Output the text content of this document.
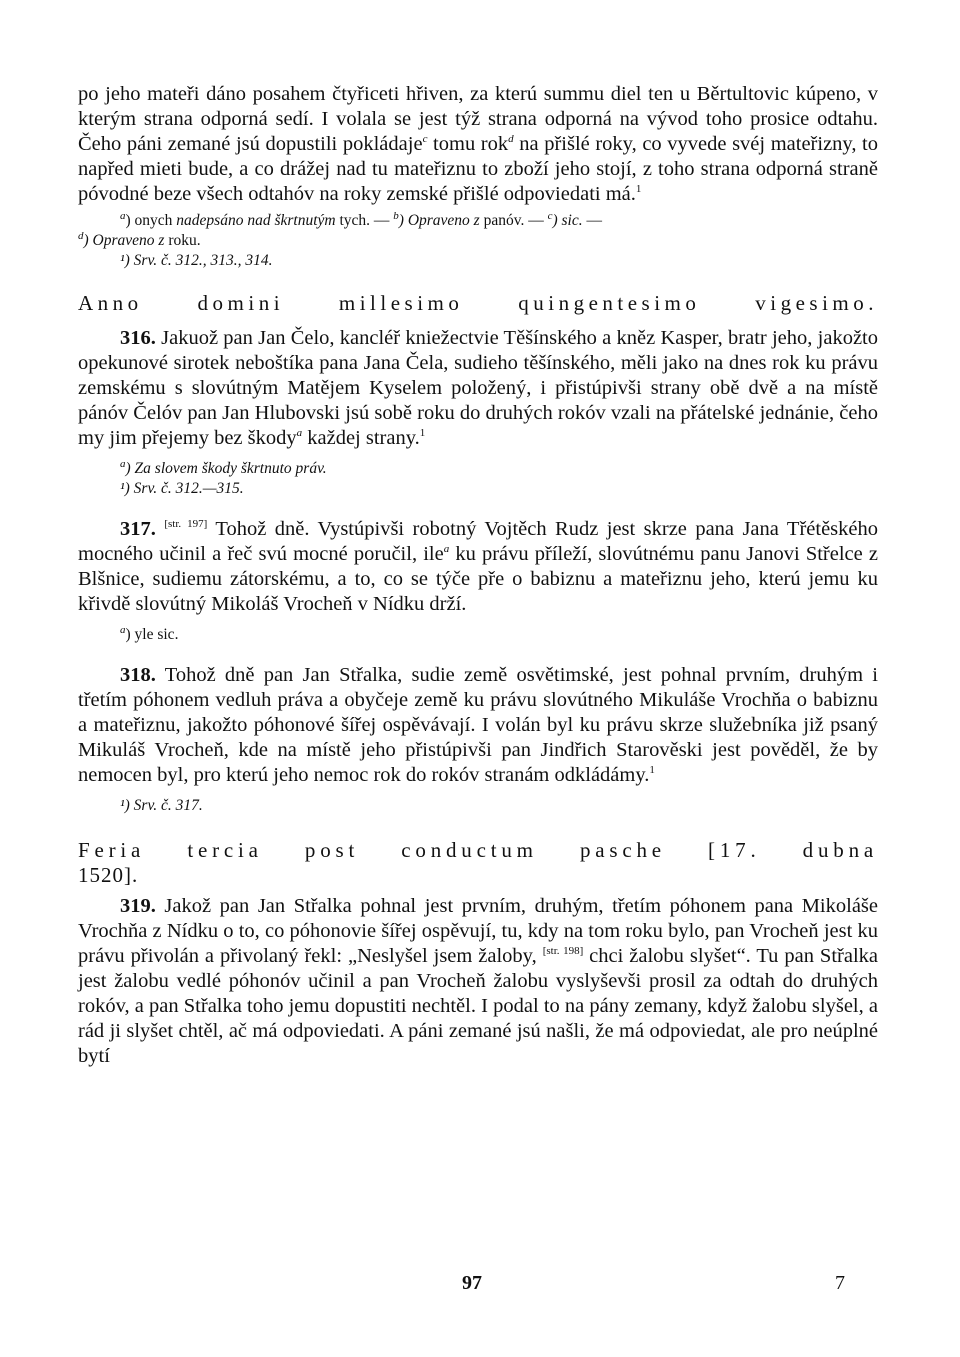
po jeho mateři dáno posahem čtyřiceti hřiven, za kterú summu diel ten u Běrtultovic kúpeno, v kterým strana odporná sedí. I volala se jest týž strana odporná na vývod toho prosice odtahu. Čeho páni zemané jsú dopustili pokládaje$^c$ tomu rok$^d$ na přišlé roky, co vyvede svéj mateřizny, to napřed mieti bude, a co drážej nad tu mateřiznu to zboží jeho stojí, z toho strana odporná straně póvodné beze všech odtahóv na roky zemské přišlé odpoviedati má.$^1$

$^a$) onych nadepsáno nad škrtnutým tych. — $^b$) Opraveno z panóv. — $^c$) sic. —

$^d$) Opraveno z roku.

¹) Srv. č. 312., 313., 314.

Anno domini millesimo quingentesimo vigesimo.

316. Jakuož pan Jan Čelo, kancléř kniežectvie Těšínského a kněz Kasper, bratr jeho, jakožto opekunové sirotek neboštíka pana Jana Čela, sudieho těšínského, měli jako na dnes rok ku právu zemskému s slovútným Matějem Kyselem položený, i přistúpivši strany obě dvě a na místě pánóv Čelóv pan Jan Hlubovski jsú sobě roku do druhých rokóv vzali na přátelské jednánie, čeho my jim přejemy bez škody$^a$ každej strany.$^1$

$^a$) Za slovem škody škrtnuto práv.

¹) Srv. č. 312.—315.

317. [str. 197] Tohož dně. Vystúpivši robotný Vojtěch Rudz jest skrze pana Jana Třétěského mocného učinil a řeč svú mocné poručil, ile$^a$ ku právu příleží, slovútnému panu Janovi Střelce z Blšnice, sudiemu zátorskému, a to, co se týče pře o babiznu a mateřiznu jeho, kterú jemu ku křivdě slovútný Mikoláš Vrocheň v Nídku drží.

$^a$) yle sic.

318. Tohož dně pan Jan Střalka, sudie země osvětimské, jest pohnal prvním, druhým i třetím póhonem vedluh práva a obyčeje země ku právu slovútného Mikuláše Vrochňa o babiznu a mateřiznu, jakožto póhonové šířej ospěvávají. I volán byl ku právu skrze služebníka již psaný Mikuláš Vrocheň, kde na místě jeho přistúpivši pan Jindřich Starověski jest pověděl, že by nemocen byl, pro kterú jeho nemoc rok do rokóv stranám odkládámy.$^1$

¹) Srv. č. 317.

Feria tercia post conductum pasche [17. dubna
1520].

319. Jakož pan Jan Střalka pohnal jest prvním, druhým, třetím póhonem pana Mikoláše Vrochňa z Nídku o to, co póhonovie šířej ospěvují, tu, kdy na tom roku bylo, pan Vrocheň jest ku právu přivolán a přivolaný řekl: „Neslyšel jsem žaloby, [str. 198] chci žalobu slyšet“. Tu pan Střalka jest žalobu vedlé póhonóv učinil a pan Vrocheň žalobu vyslyševši prosil za odtah do druhých rokóv, a pan Střalka toho jemu dopustiti nechtěl. I podal to na pány zemany, když žalobu slyšel, a rád ji slyšet chtěl, ač má odpoviedati. A páni zemané jsú našli, že má odpoviedat, ale pro neúplné bytí

97	7
